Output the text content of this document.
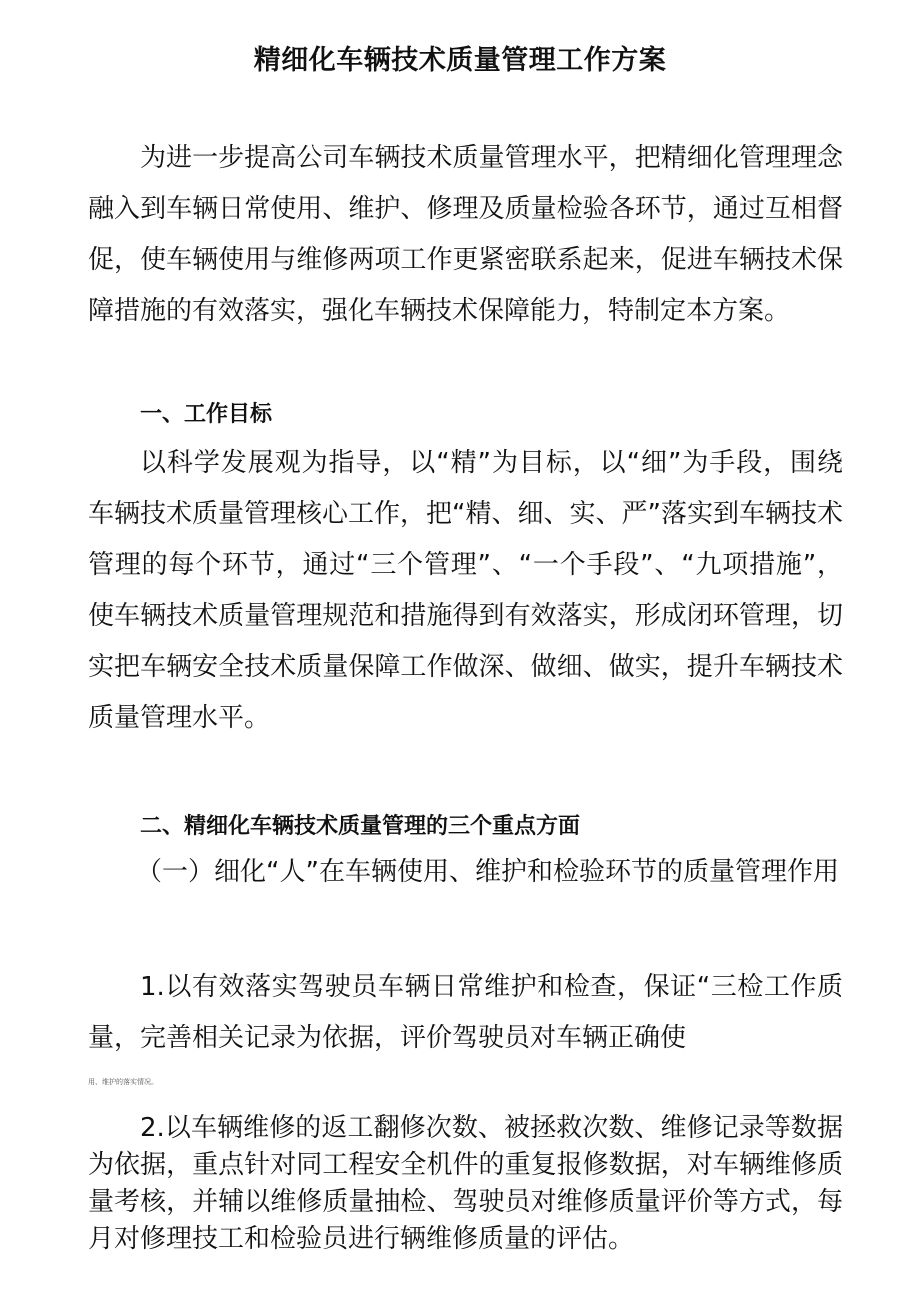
精细化车辆技术质量管理工作方案

为进一步提高公司车辆技术质量管理水平，把精细化管理理念融入到车辆日常使用、维护、修理及质量检验各环节，通过互相督促，使车辆使用与维修两项工作更紧密联系起来，促进车辆技术保障措施的有效落实，强化车辆技术保障能力，特制定本方案。

一、工作目标

以科学发展观为指导，以“精”为目标，以“细”为手段，围绕车辆技术质量管理核心工作，把“精、细、实、严”落实到车辆技术管理的每个环节，通过“三个管理”、“一个手段”、“九项措施”，使车辆技术质量管理规范和措施得到有效落实，形成闭环管理，切实把车辆安全技术质量保障工作做深、做细、做实，提升车辆技术质量管理水平。

二、精细化车辆技术质量管理的三个重点方面

（一）细化“人”在车辆使用、维护和检验环节的质量管理作用

1.以有效落实驾驶员车辆日常维护和检查，保证“三检工作质量，完善相关记录为依据，评价驾驶员对车辆正确使

用、维护的落实情况。

2.以车辆维修的返工翻修次数、被拯救次数、维修记录等数据为依据，重点针对同工程安全机件的重复报修数据，对车辆维修质量考核，并辅以维修质量抽检、驾驶员对维修质量评价等方式，每月对修理技工和检验员进行辆维修质量的评估。
